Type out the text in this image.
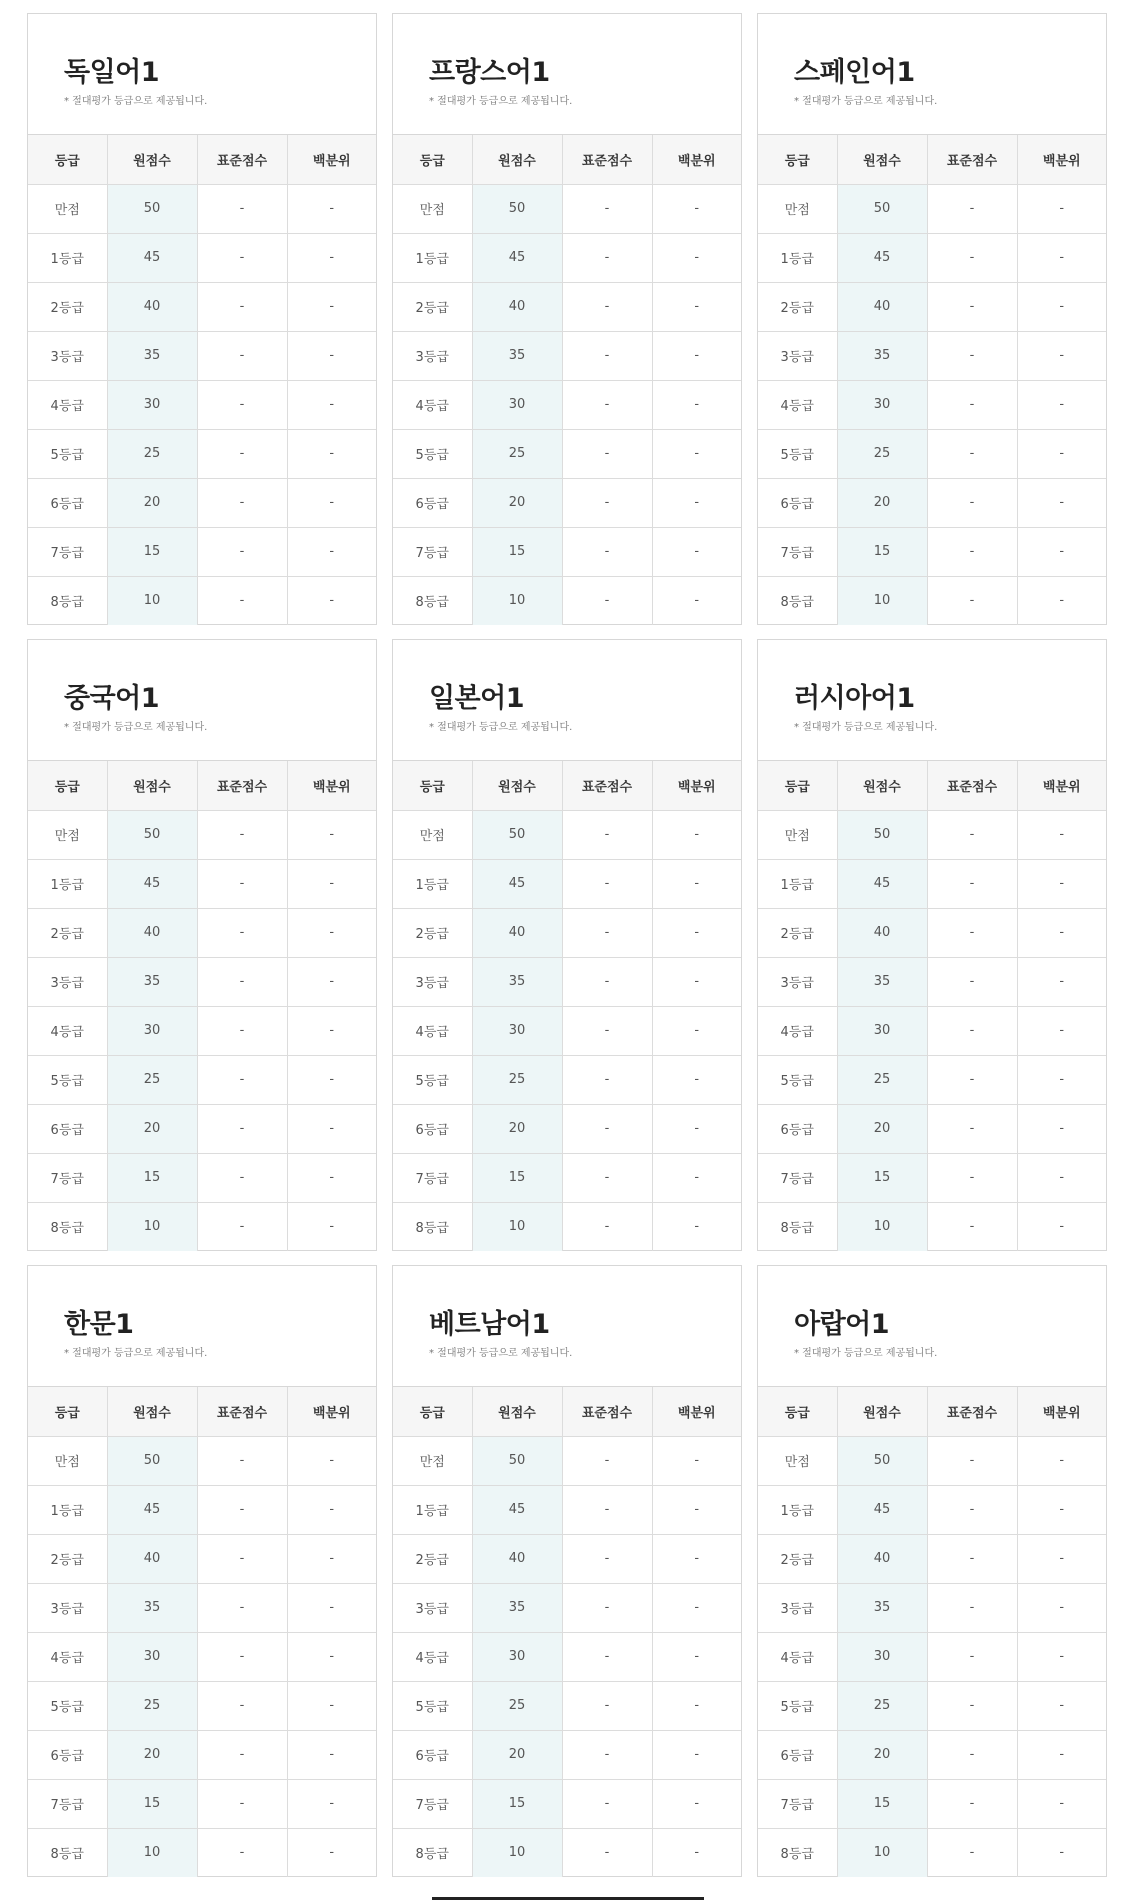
독일어1
* 절대평가 등급으로 제공됩니다.
등급	원점수	표준점수	백분위
만점	50	-	-
1등급	45	-	-
2등급	40	-	-
3등급	35	-	-
4등급	30	-	-
5등급	25	-	-
6등급	20	-	-
7등급	15	-	-
8등급	10	-	-
프랑스어1
* 절대평가 등급으로 제공됩니다.
등급	원점수	표준점수	백분위
만점	50	-	-
1등급	45	-	-
2등급	40	-	-
3등급	35	-	-
4등급	30	-	-
5등급	25	-	-
6등급	20	-	-
7등급	15	-	-
8등급	10	-	-
스페인어1
* 절대평가 등급으로 제공됩니다.
등급	원점수	표준점수	백분위
만점	50	-	-
1등급	45	-	-
2등급	40	-	-
3등급	35	-	-
4등급	30	-	-
5등급	25	-	-
6등급	20	-	-
7등급	15	-	-
8등급	10	-	-
중국어1
* 절대평가 등급으로 제공됩니다.
등급	원점수	표준점수	백분위
만점	50	-	-
1등급	45	-	-
2등급	40	-	-
3등급	35	-	-
4등급	30	-	-
5등급	25	-	-
6등급	20	-	-
7등급	15	-	-
8등급	10	-	-
일본어1
* 절대평가 등급으로 제공됩니다.
등급	원점수	표준점수	백분위
만점	50	-	-
1등급	45	-	-
2등급	40	-	-
3등급	35	-	-
4등급	30	-	-
5등급	25	-	-
6등급	20	-	-
7등급	15	-	-
8등급	10	-	-
러시아어1
* 절대평가 등급으로 제공됩니다.
등급	원점수	표준점수	백분위
만점	50	-	-
1등급	45	-	-
2등급	40	-	-
3등급	35	-	-
4등급	30	-	-
5등급	25	-	-
6등급	20	-	-
7등급	15	-	-
8등급	10	-	-
한문1
* 절대평가 등급으로 제공됩니다.
등급	원점수	표준점수	백분위
만점	50	-	-
1등급	45	-	-
2등급	40	-	-
3등급	35	-	-
4등급	30	-	-
5등급	25	-	-
6등급	20	-	-
7등급	15	-	-
8등급	10	-	-
베트남어1
* 절대평가 등급으로 제공됩니다.
등급	원점수	표준점수	백분위
만점	50	-	-
1등급	45	-	-
2등급	40	-	-
3등급	35	-	-
4등급	30	-	-
5등급	25	-	-
6등급	20	-	-
7등급	15	-	-
8등급	10	-	-
아랍어1
* 절대평가 등급으로 제공됩니다.
등급	원점수	표준점수	백분위
만점	50	-	-
1등급	45	-	-
2등급	40	-	-
3등급	35	-	-
4등급	30	-	-
5등급	25	-	-
6등급	20	-	-
7등급	15	-	-
8등급	10	-	-
